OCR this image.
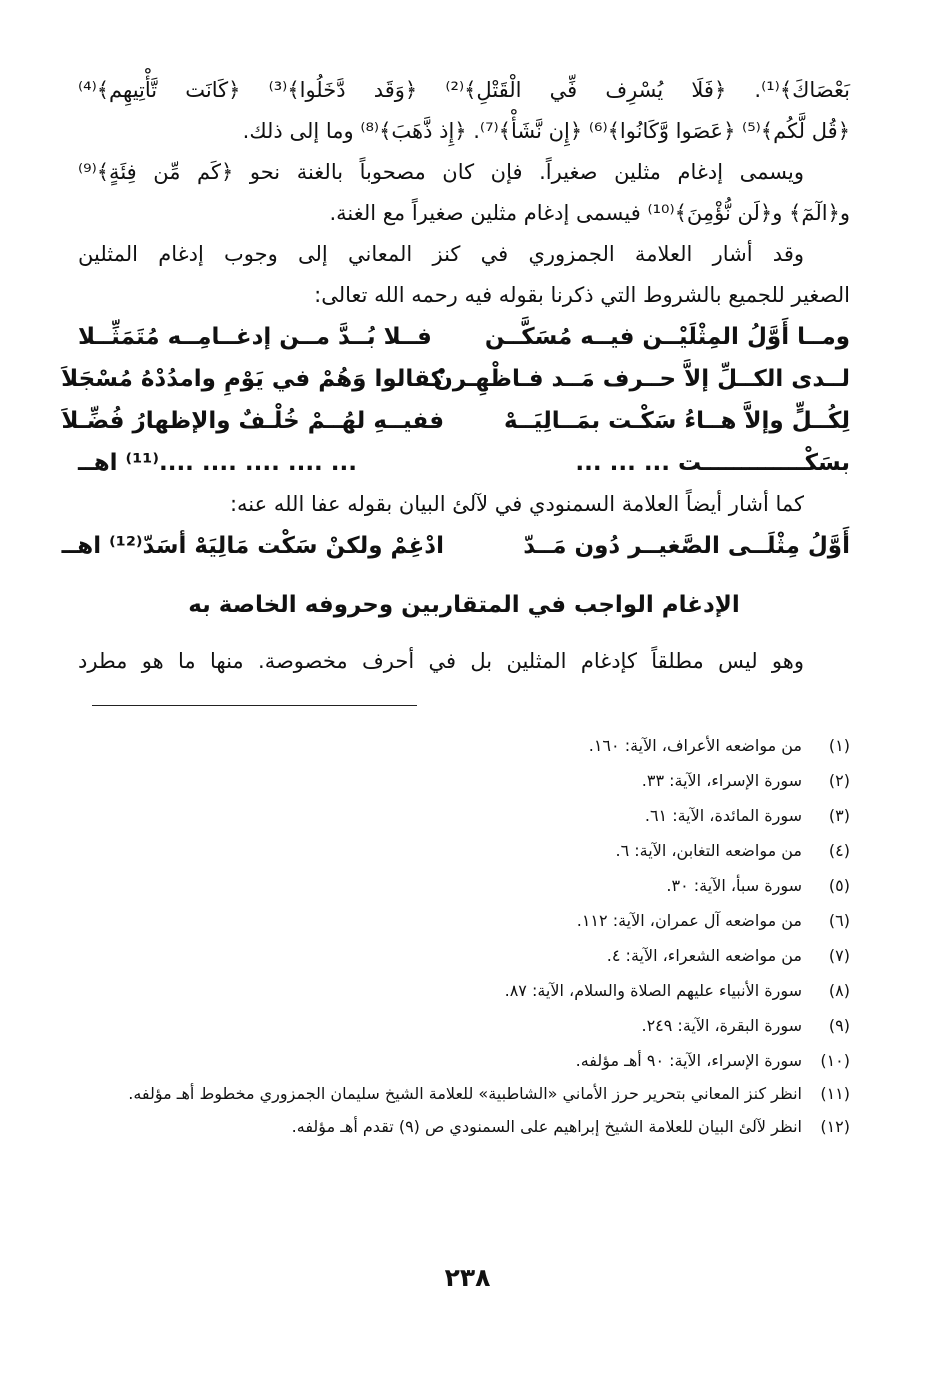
بَعْصَاكَ﴾⁽¹⁾. ﴿فَلَا يُسْرِف فِّي الْقَتْلِ﴾⁽²⁾ ﴿وَقَد دَّخَلُوا﴾⁽³⁾ ﴿كَانَت تَّأْتِيهِم﴾⁽⁴⁾
﴿قُل لَّكُم﴾⁽⁵⁾ ﴿عَصَوا وَّكَانُوا﴾⁽⁶⁾ ﴿إِن نَّشَأْ﴾⁽⁷⁾. ﴿إِذ ذَّهَبَ﴾⁽⁸⁾ وما إلى ذلك.
ويسمى إدغام مثلين صغيراً. فإن كان مصحوباً بالغنة نحو ﴿كَم مِّن فِئَةٍ﴾⁽⁹⁾
و﴿الٓمٓ﴾ و﴿لَن نُّؤْمِنَ﴾⁽¹⁰⁾ فيسمى إدغام مثلين صغيراً مع الغنة.
وقد أشار العلامة الجمزوري في كنز المعاني إلى وجوب إدغام المثلين
الصغير للجميع بالشروط التي ذكرنا بقوله فيه رحمه الله تعالى:
ومــا أَوَّلُ المِثْلَيْــن فيــه مُسَكَّــن
فــلا بُــدَّ مــن إدغــامِــه مُتَمَثِّــلا
لــدى الكــلِّ إلاَّ حــرف مَــد فـاظْهِـرنْ
كقالوا وَهُمْ في يَوْمِ وامدُدْهُ مُسْجَلاَ
لِكُــلٍّ وإلاَّ هــاءُ سَكْـت بمَــالِيَــهْ
ففيــهِ لهُــمْ خُلْـفٌ والإظهارُ فُضِّـلاَ
بسَكْـــــــــــــت ... ... ...
... .... .... .... ....⁽¹¹⁾ اهــ
كما أشار أيضاً العلامة السمنودي في لآلئ البيان بقوله عفا الله عنه:
أَوَّلُ مِثْلَــى الصَّغيــر دُون مَــدّ
ادْغِمْ ولكنْ سَكْت مَالِيَهْ أسَدّ⁽¹²⁾ اهــ
الإدغام الواجب في المتقاربين وحروفه الخاصة به
وهو ليس مطلقاً كإدغام المثلين بل في أحرف مخصوصة. منها ما هو مطرد
(١)
من مواضعه الأعراف، الآية: ١٦٠.
(٢)
سورة الإسراء، الآية: ٣٣.
(٣)
سورة المائدة، الآية: ٦١.
(٤)
من مواضعه التغابن، الآية: ٦.
(٥)
سورة سبأ، الآية: ٣٠.
(٦)
من مواضعه آل عمران، الآية: ١١٢.
(٧)
من مواضعه الشعراء، الآية: ٤.
(٨)
سورة الأنبياء عليهم الصلاة والسلام، الآية: ٨٧.
(٩)
سورة البقرة، الآية: ٢٤٩.
(١٠)
سورة الإسراء، الآية: ٩٠ أهـ مؤلفه.
(١١)
انظر كنز المعاني بتحرير حرز الأماني «الشاطبية» للعلامة الشيخ سليمان الجمزوري مخطوط أهـ مؤلفه.
(١٢)
انظر لآلئ البيان للعلامة الشيخ إبراهيم على السمنودي ص (٩) تقدم أهـ مؤلفه.
٢٣٨
